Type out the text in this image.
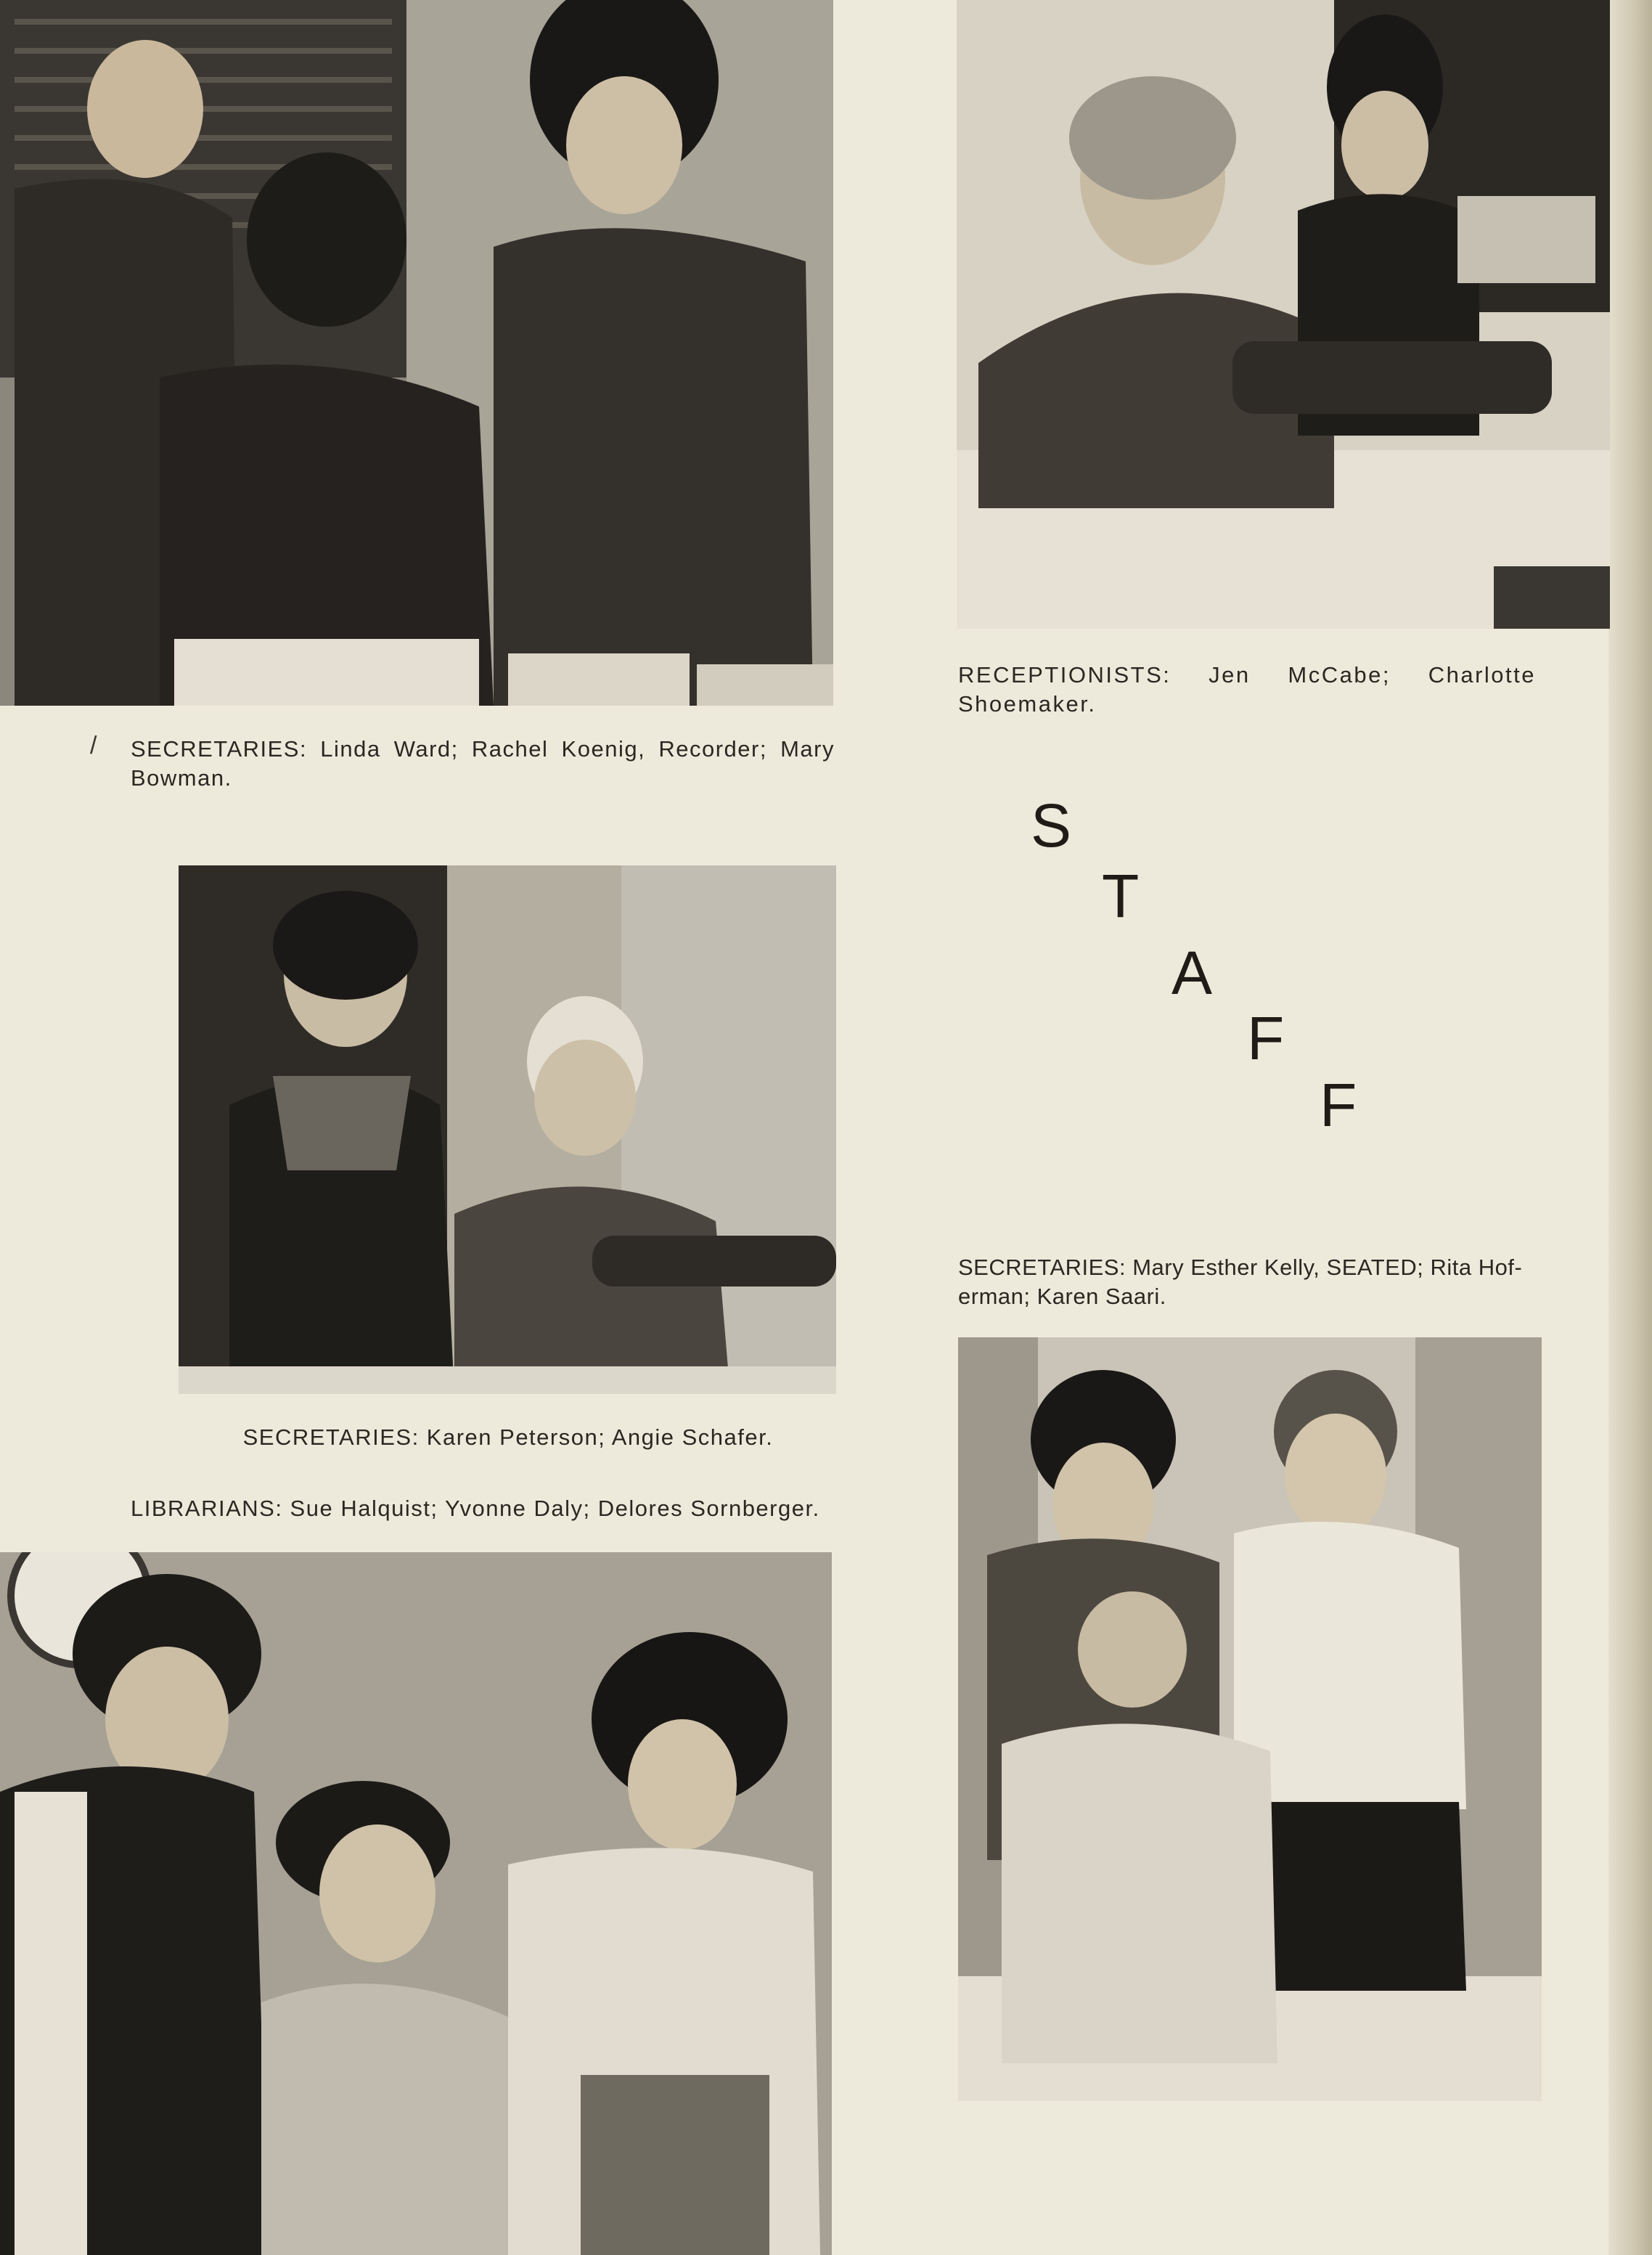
/ SECRETARIES: Linda Ward; Rachel Koenig, Recorder; Mary Bowman.
RECEPTIONISTS: Jen McCabe; Charlotte Shoemaker.
S
T
A
F
F
SECRETARIES: Karen Peterson; Angie Schafer.
LIBRARIANS: Sue Halquist; Yvonne Daly; Delores Sornberger.
SECRETARIES: Mary Esther Kelly, SEATED; Rita Hof-erman; Karen Saari.
